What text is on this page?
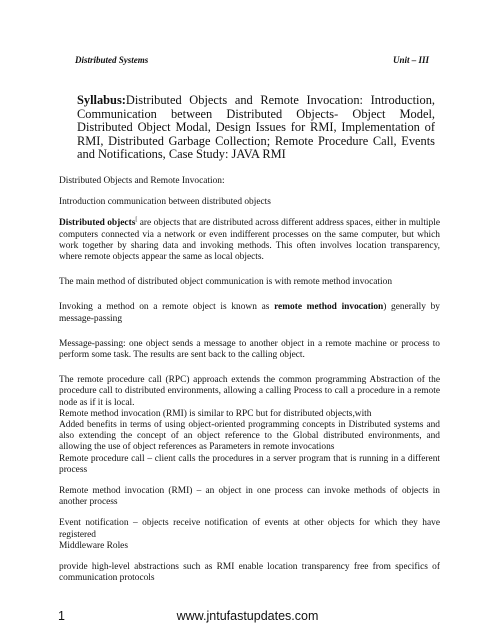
Distributed Systems	Unit – III
Syllabus:Distributed Objects and Remote Invocation: Introduction, Communication between Distributed Objects- Object Model, Distributed Object Modal, Design Issues for RMI, Implementation of RMI, Distributed Garbage Collection; Remote Procedure Call, Events and Notifications, Case Study: JAVA RMI

Distributed Objects and Remote Invocation:

Introduction communication between distributed objects

Distributed objects[ are objects that are distributed across different address spaces, either in multiple computers connected via a network or even indifferent processes on the same computer, but which work together by sharing data and invoking methods. This often involves location transparency, where remote objects appear the same as local objects.

The main method of distributed object communication is with remote method invocation

Invoking a method on a remote object is known as remote method invocation) generally by message-passing

Message-passing: one object sends a message to another object in a remote machine or process to perform some task. The results are sent back to the calling object.

The remote procedure call (RPC) approach extends the common programming Abstraction of the procedure call to distributed environments, allowing a calling Process to call a procedure in a remote node as if it is local.

Remote method invocation (RMI) is similar to RPC but for distributed objects,with

Added benefits in terms of using object-oriented programming concepts in Distributed systems and also extending the concept of an object reference to the Global distributed environments, and allowing the use of object references as Parameters in remote invocations

Remote procedure call – client calls the procedures in a server program that is running in a different process

Remote method invocation (RMI) – an object in one process can invoke methods of objects in another process

Event notification – objects receive notification of events at other objects for which they have registered

Middleware Roles

provide high-level abstractions such as RMI enable location transparency free from specifics of communication protocols

1	www.jntufastupdates.com
